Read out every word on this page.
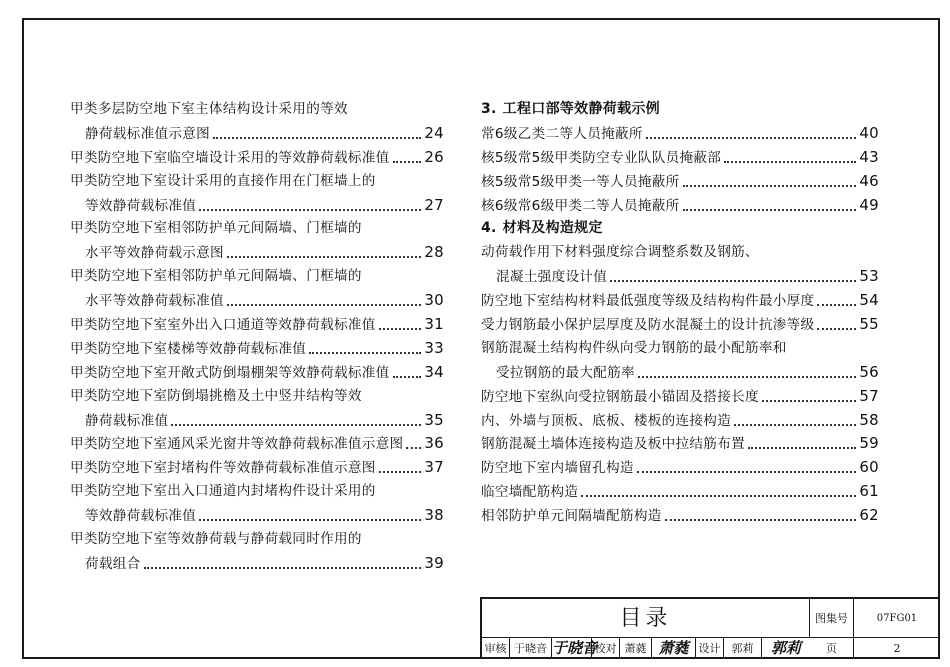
甲类多层防空地下室主体结构设计采用的等效
静荷载标准值示意图	24
甲类防空地下室临空墙设计采用的等效静荷载标准值 26
甲类防空地下室设计采用的直接作用在门框墙上的
等效静荷载标准值	27
甲类防空地下室相邻防护单元间隔墙、门框墙的
水平等效静荷载示意图	28
甲类防空地下室相邻防护单元间隔墙、门框墙的
水平等效静荷载标准值	30
甲类防空地下室室外出入口通道等效静荷载标准值	31
甲类防空地下室楼梯等效静荷载标准值	33
甲类防空地下室开敞式防倒塌棚架等效静荷载标准值 34
甲类防空地下室防倒塌挑檐及土中竖井结构等效
静荷载标准值	35
甲类防空地下室通风采光窗井等效静荷载标准值示意图 36
甲类防空地下室封堵构件等效静荷载标准值示意图	37
甲类防空地下室出入口通道内封堵构件设计采用的
等效静荷载标准值	38
甲类防空地下室等效静荷载与静荷载同时作用的
荷载组合	39
3. 工程口部等效静荷载示例
常6级乙类二等人员掩蔽所	40
核5级常5级甲类防空专业队队员掩蔽部	43
核5级常5级甲类一等人员掩蔽所	46
核6级常6级甲类二等人员掩蔽所	49
4. 材料及构造规定
动荷载作用下材料强度综合调整系数及钢筋、
混凝土强度设计值	53
防空地下室结构材料最低强度等级及结构构件最小厚度	54
受力钢筋最小保护层厚度及防水混凝土的设计抗渗等级	55
钢筋混凝土结构构件纵向受力钢筋的最小配筋率和
受拉钢筋的最大配筋率	56
防空地下室纵向受拉钢筋最小锚固及搭接长度	57
内、外墙与顶板、底板、楼板的连接构造	58
钢筋混凝土墙体连接构造及板中拉结筋布置	59
防空地下室内墙留孔构造	60
临空墙配筋构造	61
相邻防护单元间隔墙配筋构造	62
目录	图集号	07FG01
页	2
审核 于晓音 于晓音
校对 萧蕤 萧蕤 设计	郭莉	郭莉
